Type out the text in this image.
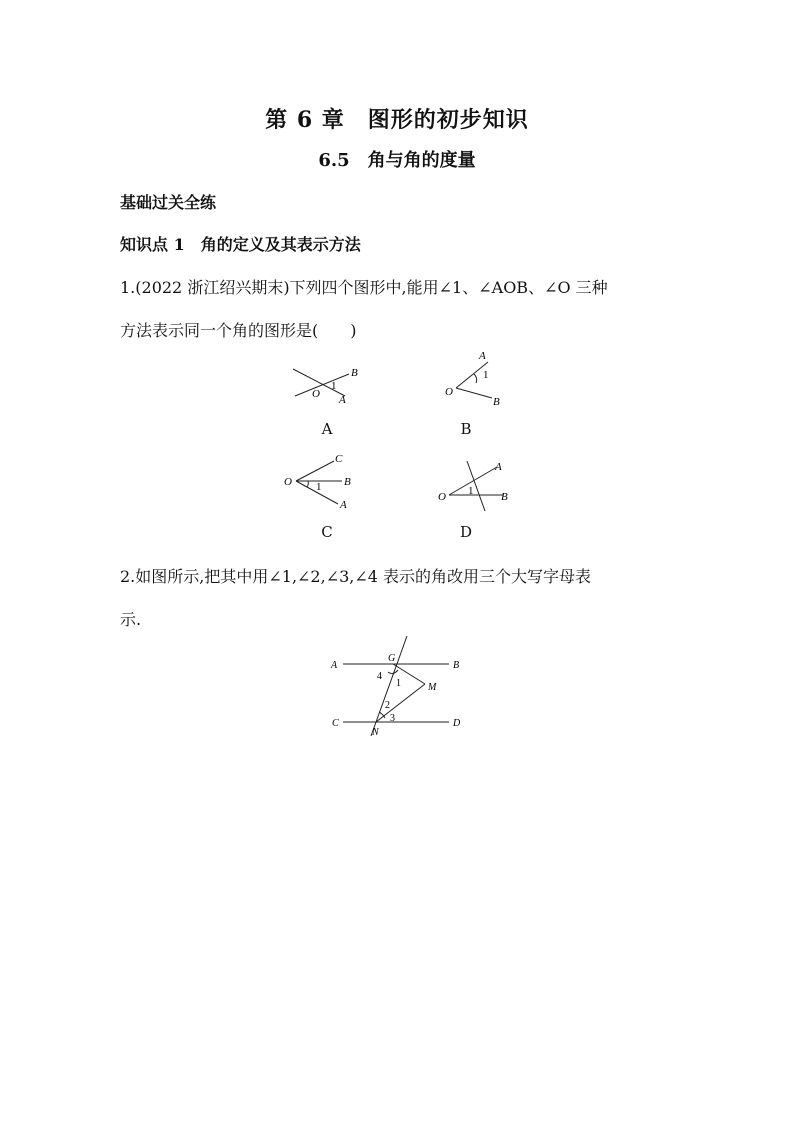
第 6 章　图形的初步知识
6.5　角与角的度量
基础过关全练
知识点 1　角的定义及其表示方法
1.(2022 浙江绍兴期末)下列四个图形中,能用∠1、∠AOB、∠O 三种
方法表示同一个角的图形是(　　)
B
O
1
A
A
1
O
B
A	B
C
O 1 B
A
A
O 1	B
C	D
2.如图所示,把其中用∠1,∠2,∠3,∠4 表示的角改用三个大写字母表
示.
A
G
B
4
1	M
2
3
C
N
D
